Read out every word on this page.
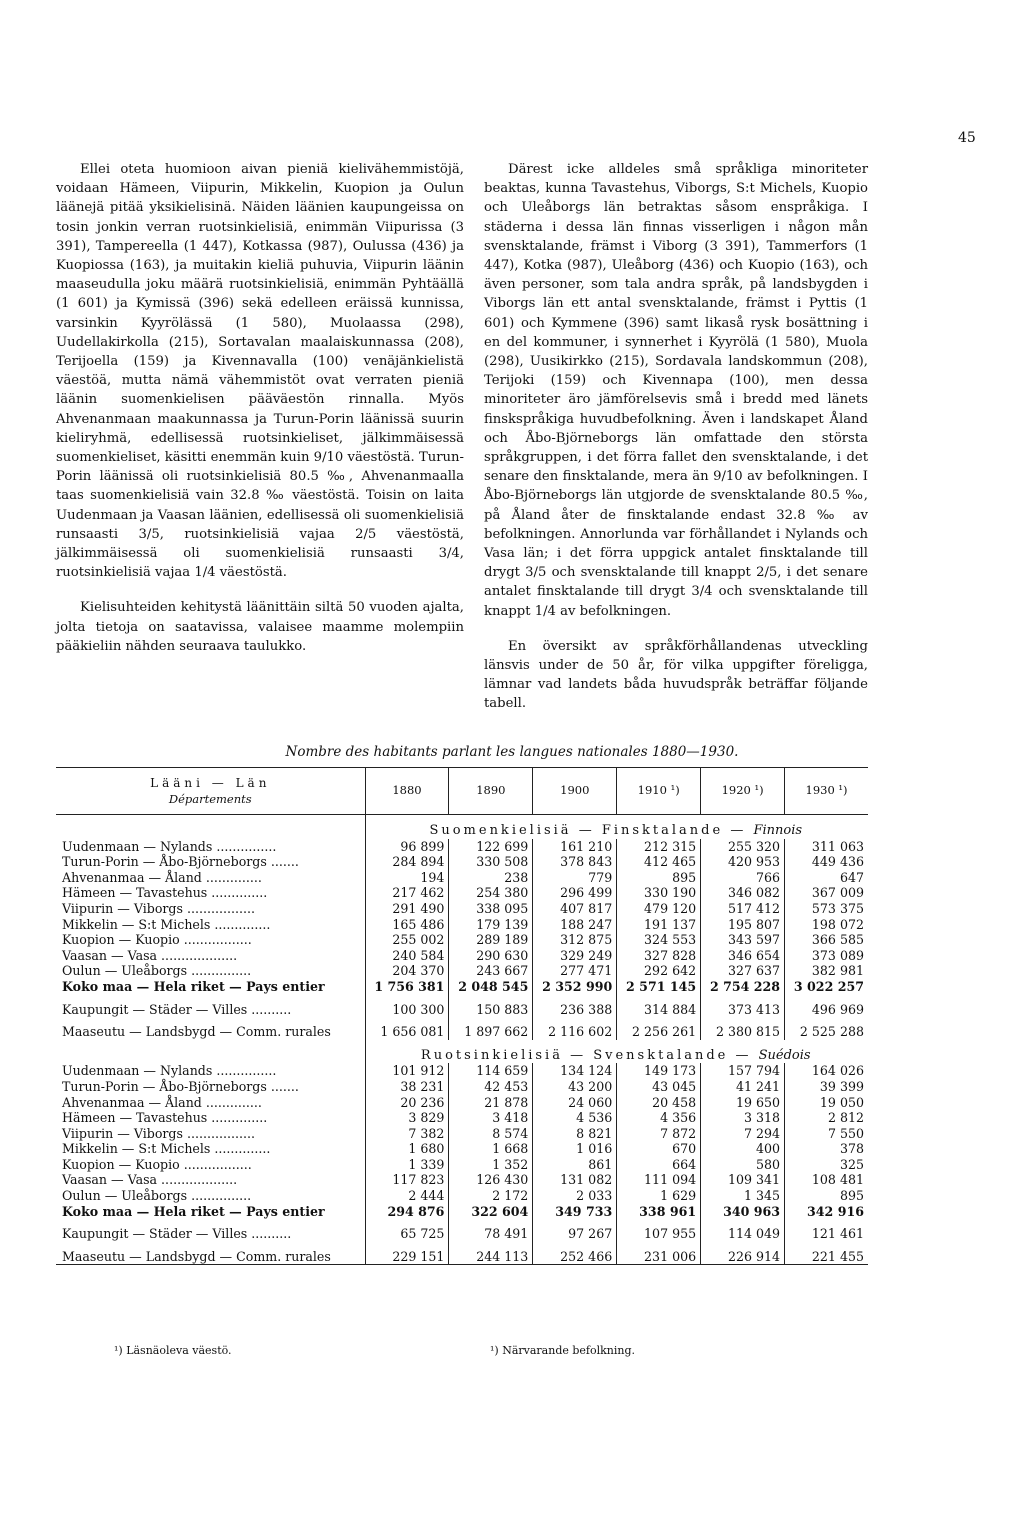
45

Ellei oteta huomioon aivan pieniä kielivähemmistöjä, voidaan Hämeen, Viipurin, Mikkelin, Kuopion ja Oulun läänejä pitää yksikielisinä. Näiden läänien kaupungeissa on tosin jonkin verran ruotsinkielisiä, enimmän Viipurissa (3 391), Tampereella (1 447), Kotkassa (987), Oulussa (436) ja Kuopiossa (163), ja muitakin kieliä puhuvia, Viipurin läänin maaseudulla joku määrä ruotsinkielisiä, enimmän Pyhtäällä (1 601) ja Kymissä (396) sekä edelleen eräissä kunnissa, varsinkin Kyyrölässä (1 580), Muolaassa (298), Uudellakirkolla (215), Sortavalan maalaiskunnassa (208), Terijoella (159) ja Kivennavalla (100) venäjänkielistä väestöä, mutta nämä vähemmistöt ovat verraten pieniä läänin suomenkielisen pääväestön rinnalla. Myös Ahvenanmaan maakunnassa ja Turun-Porin läänissä suurin kieliryhmä, edellisessä ruotsinkieliset, jälkimmäisessä suomenkieliset, käsitti enemmän kuin 9/10 väestöstä. Turun-Porin läänissä oli ruotsinkielisiä 80.5 ‰, Ahvenanmaalla taas suomenkielisiä vain 32.8 ‰ väestöstä. Toisin on laita Uudenmaan ja Vaasan läänien, edellisessä oli suomenkielisiä runsaasti 3/5, ruotsinkielisiä vajaa 2/5 väestöstä, jälkimmäisessä oli suomenkielisiä runsaasti 3/4, ruotsinkielisiä vajaa 1/4 väestöstä.

Kielisuhteiden kehitystä läänittäin siltä 50 vuoden ajalta, jolta tietoja on saatavissa, valaisee maamme molempiin pääkieliin nähden seuraava taulukko.

Därest icke alldeles små språkliga minoriteter beaktas, kunna Tavastehus, Viborgs, S:t Michels, Kuopio och Uleåborgs län betraktas såsom enspråkiga. I städerna i dessa län finnas visserligen i någon mån svensktalande, främst i Viborg (3 391), Tammerfors (1 447), Kotka (987), Uleåborg (436) och Kuopio (163), och även personer, som tala andra språk, på landsbygden i Viborgs län ett antal svensktalande, främst i Pyttis (1 601) och Kymmene (396) samt likaså rysk bosättning i en del kommuner, i synnerhet i Kyyrölä (1 580), Muola (298), Uusikirkko (215), Sordavala landskommun (208), Terijoki (159) och Kivennapa (100), men dessa minoriteter äro jämförelsevis små i bredd med länets finskspråkiga huvudbefolkning. Även i landskapet Åland och Åbo-Björneborgs län omfattade den största språkgruppen, i det förra fallet den svensktalande, i det senare den finsktalande, mera än 9/10 av befolkningen. I Åbo-Björneborgs län utgjorde de svensktalande 80.5 ‰, på Åland åter de finsktalande endast 32.8 ‰ av befolkningen. Annorlunda var förhållandet i Nylands och Vasa län; i det förra uppgick antalet finsktalande till drygt 3/5 och svensktalande till knappt 2/5, i det senare antalet finsktalande till drygt 3/4 och svensktalande till knappt 1/4 av befolkningen.

En översikt av språkförhållandenas utveckling länsvis under de 50 år, för vilka uppgifter föreligga, lämnar vad landets båda huvudspråk beträffar följande tabell.

Nombre des habitants parlant les langues nationales 1880—1930.
Lääni — Län
Départements	1880	1890	1900	1910 ¹)	1920 ¹)	1930 ¹)
	Suomenkielisiä — Finsktalande — Finnois					
Uudenmaan — Nylands ...............	96 899	122 699	161 210	212 315	255 320	311 063
Turun-Porin — Åbo-Björneborgs .......	284 894	330 508	378 843	412 465	420 953	449 436
Ahvenanmaa — Åland ..............	194	238	779	895	766	647
Hämeen — Tavastehus ..............	217 462	254 380	296 499	330 190	346 082	367 009
Viipurin — Viborgs .................	291 490	338 095	407 817	479 120	517 412	573 375
Mikkelin — S:t Michels ..............	165 486	179 139	188 247	191 137	195 807	198 072
Kuopion — Kuopio .................	255 002	289 189	312 875	324 553	343 597	366 585
Vaasan — Vasa ...................	240 584	290 630	329 249	327 828	346 654	373 089
Oulun — Uleåborgs ...............	204 370	243 667	277 471	292 642	327 637	382 981
Koko maa — Hela riket — Pays entier	1 756 381	2 048 545	2 352 990	2 571 145	2 754 228	3 022 257
Kaupungit — Städer — Villes ..........	100 300	150 883	236 388	314 884	373 413	496 969
Maaseutu — Landsbygd — Comm. rurales	1 656 081	1 897 662	2 116 602	2 256 261	2 380 815	2 525 288
	Ruotsinkielisiä — Svensktalande — Suédois					
Uudenmaan — Nylands ...............	101 912	114 659	134 124	149 173	157 794	164 026
Turun-Porin — Åbo-Björneborgs .......	38 231	42 453	43 200	43 045	41 241	39 399
Ahvenanmaa — Åland ..............	20 236	21 878	24 060	20 458	19 650	19 050
Hämeen — Tavastehus ..............	3 829	3 418	4 536	4 356	3 318	2 812
Viipurin — Viborgs .................	7 382	8 574	8 821	7 872	7 294	7 550
Mikkelin — S:t Michels ..............	1 680	1 668	1 016	670	400	378
Kuopion — Kuopio .................	1 339	1 352	861	664	580	325
Vaasan — Vasa ...................	117 823	126 430	131 082	111 094	109 341	108 481
Oulun — Uleåborgs ...............	2 444	2 172	2 033	1 629	1 345	895
Koko maa — Hela riket — Pays entier	294 876	322 604	349 733	338 961	340 963	342 916
Kaupungit — Städer — Villes ..........	65 725	78 491	97 267	107 955	114 049	121 461
Maaseutu — Landsbygd — Comm. rurales	229 151	244 113	252 466	231 006	226 914	221 455
¹) Läsnäoleva väestö.	¹) Närvarande befolkning.
